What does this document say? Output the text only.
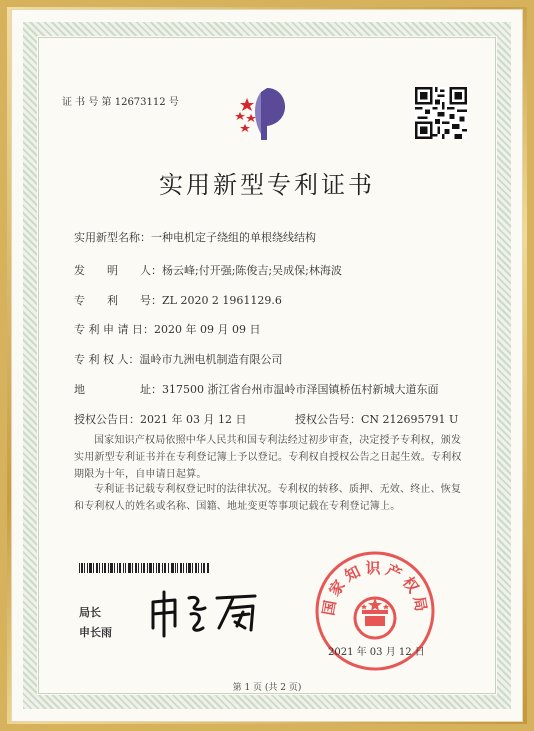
证 书 号 第 12673112 号
实用新型专利证书
实用新型名称：一种电机定子绕组的单根绕线结构
发　　明　　人：杨云峰;付开强;陈俊吉;吴成保;林海波
专　　利　　号：ZL 2020 2 1961129.6
专 利 申 请 日：2020 年 09 月 09 日
专 利 权 人：温岭市九洲电机制造有限公司
地　　　　　址：317500 浙江省台州市温岭市泽国镇桥伍村新城大道东面
授权公告日：2021 年 03 月 12 日	授权公告号：CN 212695791 U
国家知识产权局依照中华人民共和国专利法经过初步审查，决定授予专利权，颁发实用新型专利证书并在专利登记簿上予以登记。专利权自授权公告之日起生效。专利权期限为十年，自申请日起算。
专利证书记载专利权登记时的法律状况。专利权的转移、质押、无效、终止、恢复和专利权人的姓名或名称、国籍、地址变更等事项记载在专利登记簿上。
局长
申长雨
国家知识产权局
2021 年 03 月 12 日
第 1 页 (共 2 页)
